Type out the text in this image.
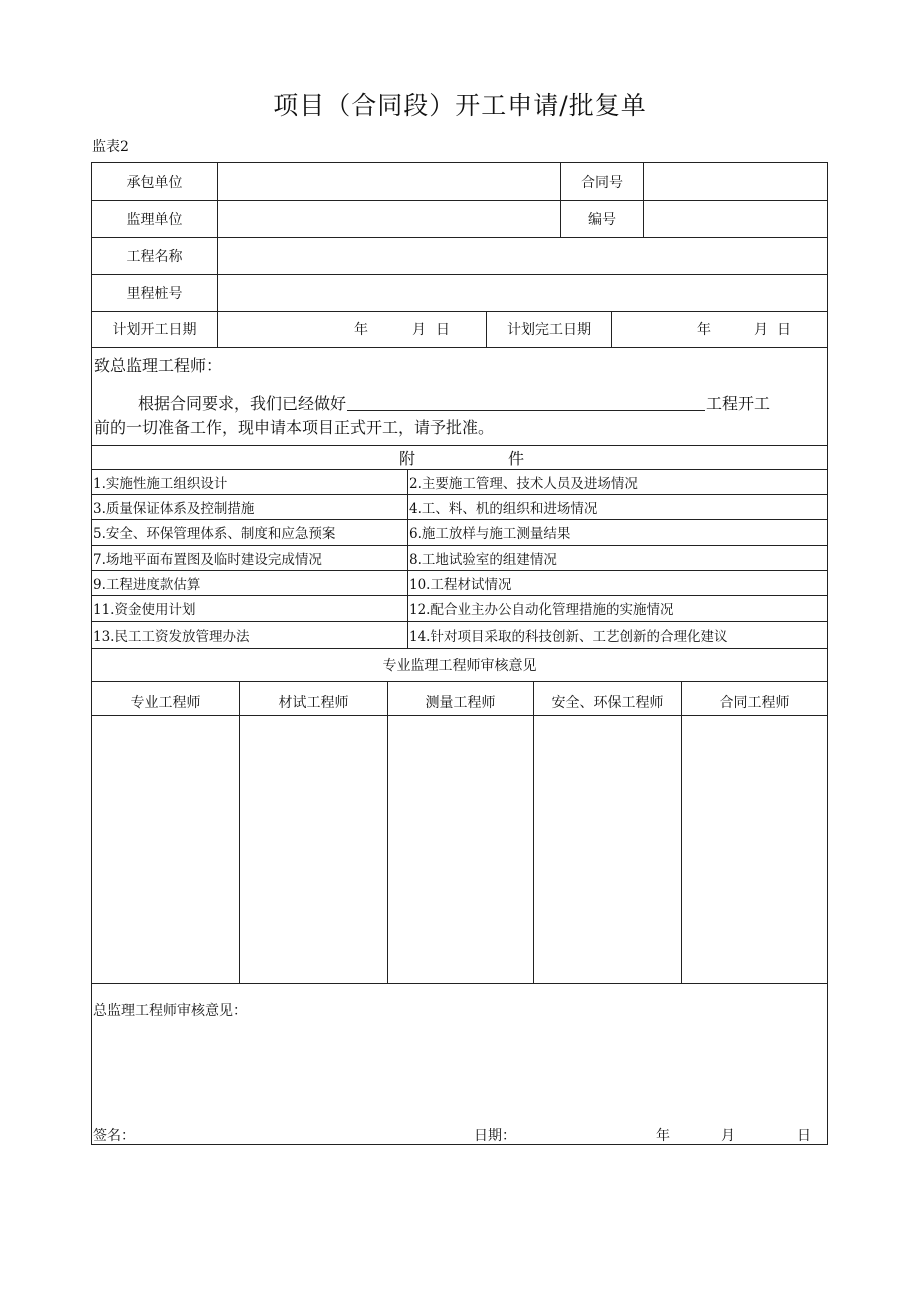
项目（合同段）开工申请/批复单
监表2
承包单位	合同号
监理单位	编号
工程名称
里程桩号
计划开工日期	年	月 日	计划完工日期	年	月 日
致总监理工程师：
根据合同要求，我们已经做好	工程开工
前的一切准备工作，现申请本项目正式开工，请予批准。
附	件
1.实施性施工组织设计	2.主要施工管理、技术人员及进场情况
3.质量保证体系及控制措施	4.工、料、机的组织和进场情况
5.安全、环保管理体系、制度和应急预案	6.施工放样与施工测量结果
7.场地平面布置图及临时建设完成情况	8.工地试验室的组建情况
9.工程进度款估算	10.工程材试情况
11.资金使用计划	12.配合业主办公自动化管理措施的实施情况
13.民工工资发放管理办法	14.针对项目采取的科技创新、工艺创新的合理化建议
专业监理工程师审核意见
专业工程师	材试工程师	测量工程师	安全、环保工程师	合同工程师
总监理工程师审核意见：
签名：	日期：	年	月	日
